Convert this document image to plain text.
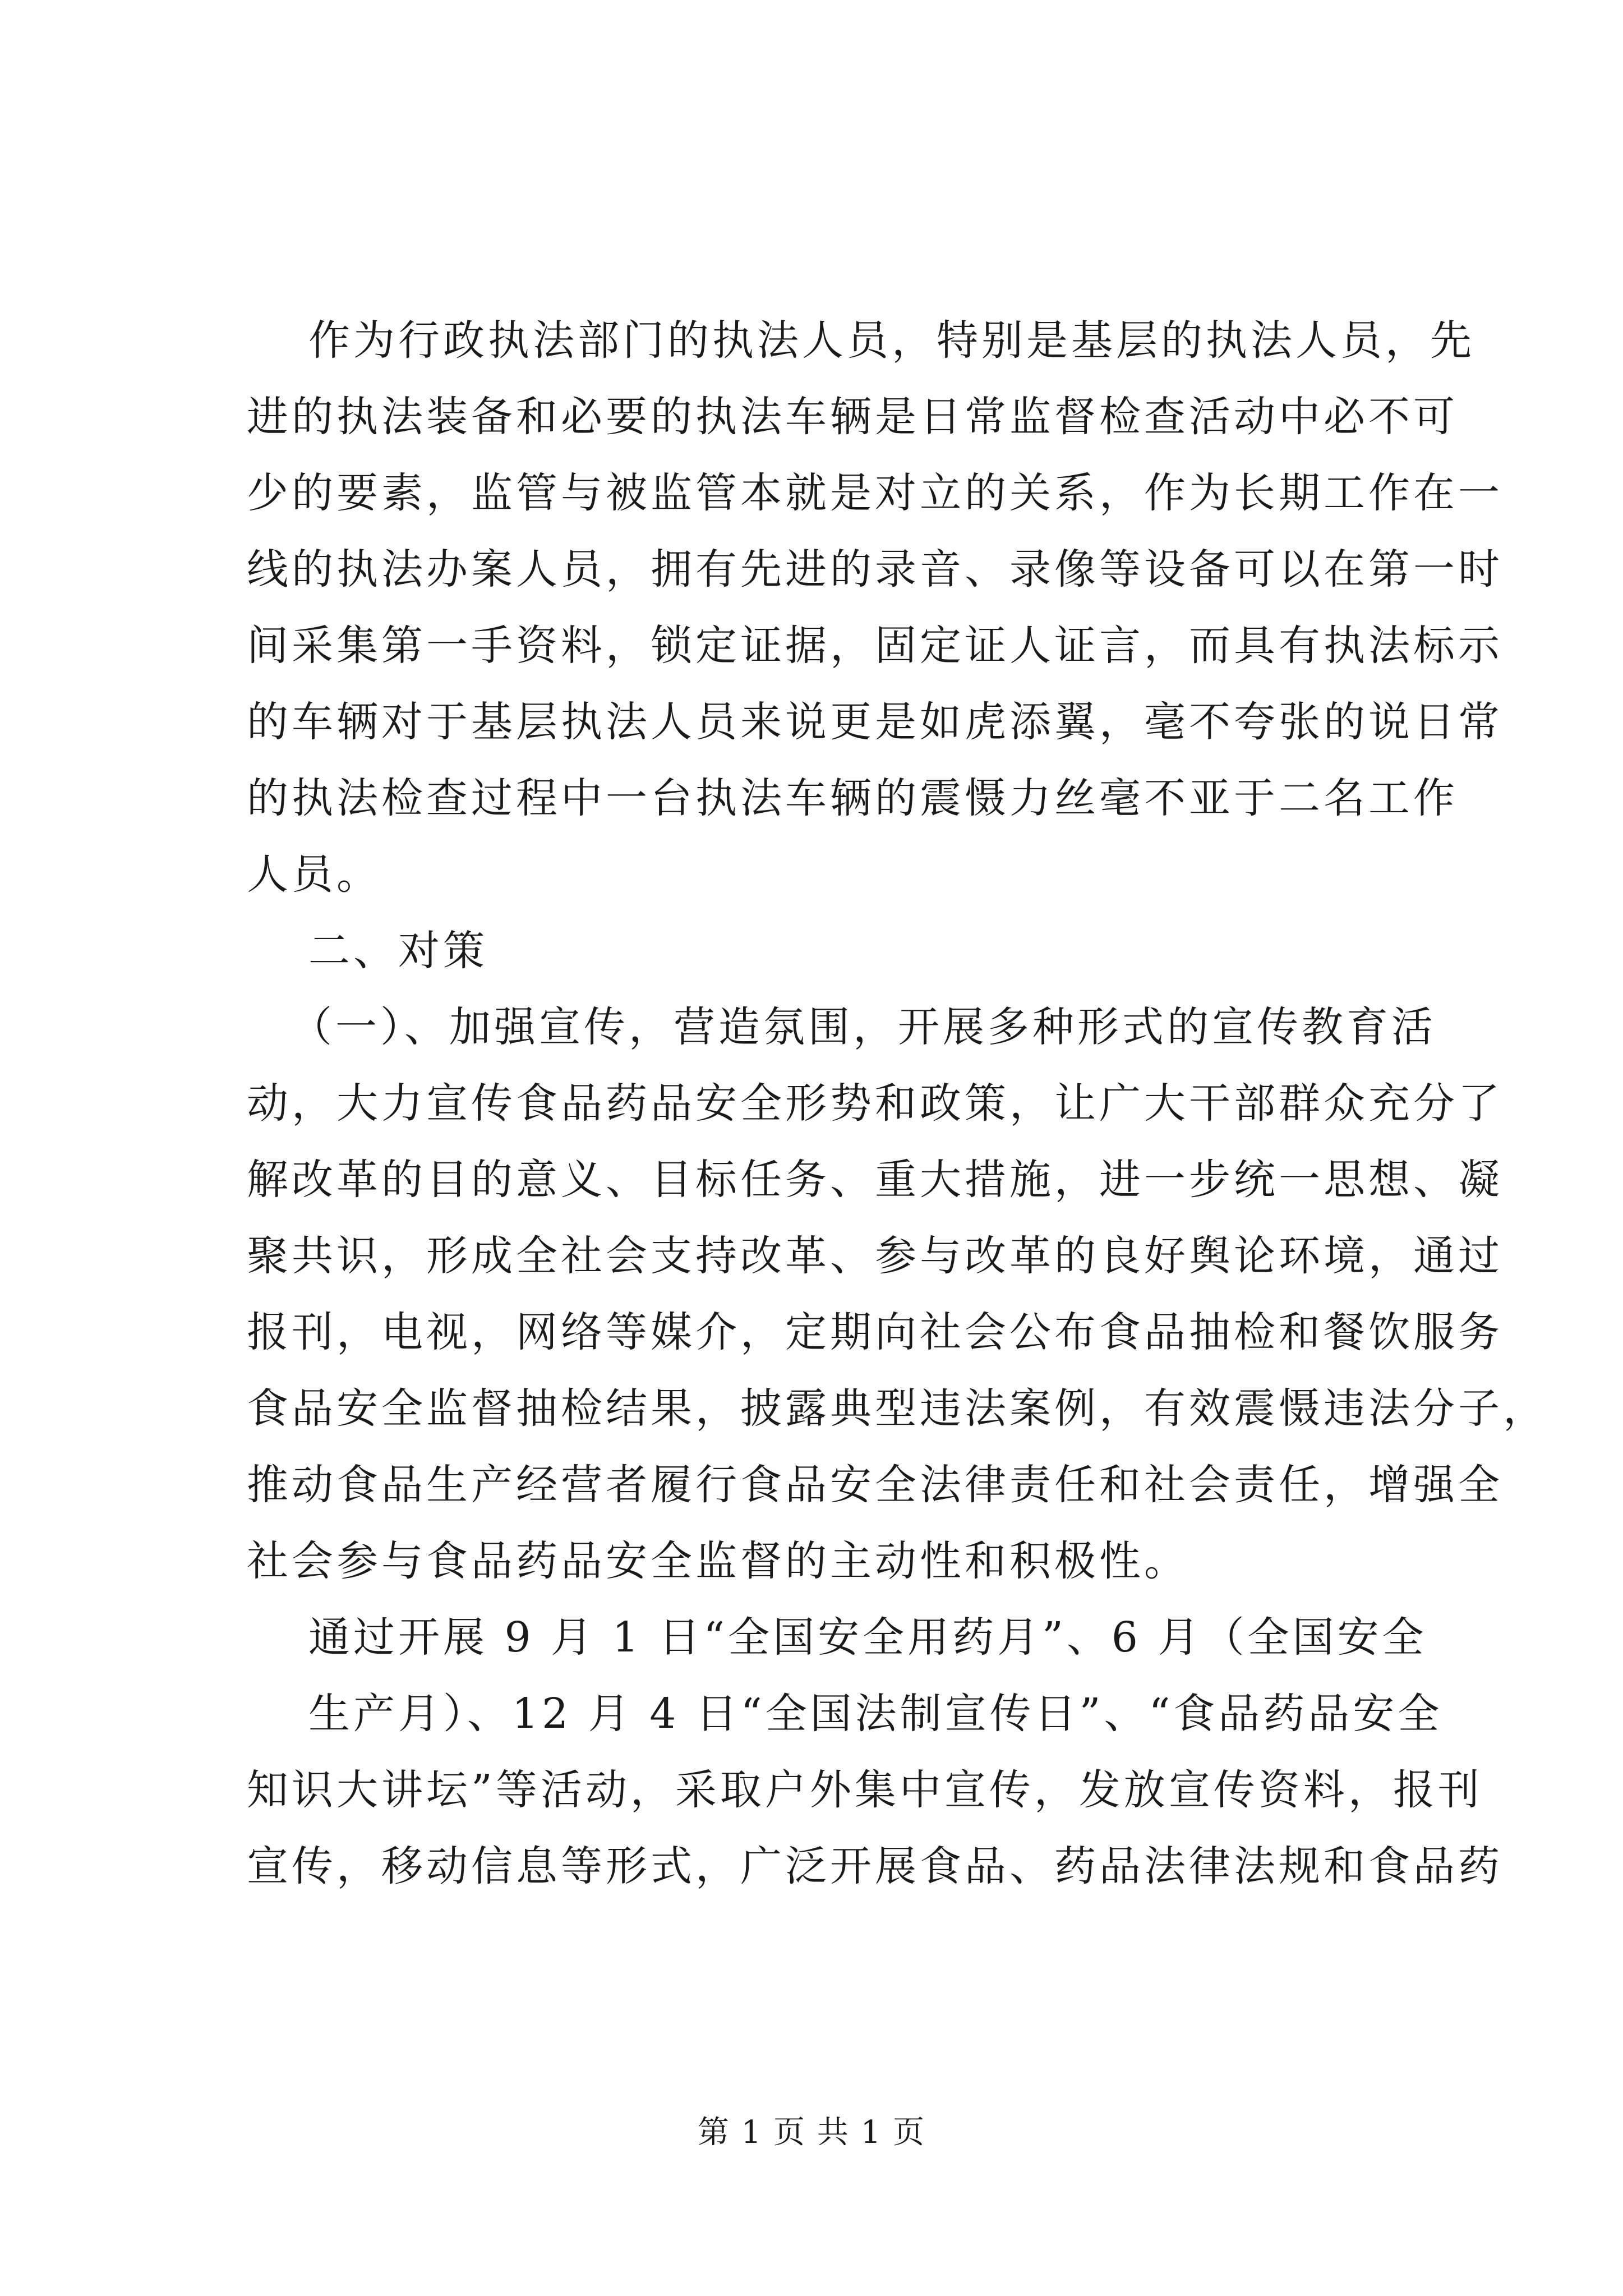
作为行政执法部门的执法人员，特别是基层的执法人员，先
进的执法装备和必要的执法车辆是日常监督检查活动中必不可
少的要素，监管与被监管本就是对立的关系，作为长期工作在一
线的执法办案人员，拥有先进的录音、录像等设备可以在第一时
间采集第一手资料，锁定证据，固定证人证言，而具有执法标示
的车辆对于基层执法人员来说更是如虎添翼，毫不夸张的说日常
的执法检查过程中一台执法车辆的震慑力丝毫不亚于二名工作
人员。
二、对策
（一）、加强宣传，营造氛围，开展多种形式的宣传教育活
动，大力宣传食品药品安全形势和政策，让广大干部群众充分了
解改革的目的意义、目标任务、重大措施，进一步统一思想、凝
聚共识，形成全社会支持改革、参与改革的良好舆论环境，通过
报刊，电视，网络等媒介，定期向社会公布食品抽检和餐饮服务
食品安全监督抽检结果，披露典型违法案例，有效震慑违法分子，
推动食品生产经营者履行食品安全法律责任和社会责任，增强全
社会参与食品药品安全监督的主动性和积极性。
通过开展 9 月 1 日“全国安全用药月”、6 月（全国安全
生产月）、12 月 4 日“全国法制宣传日”、“食品药品安全
知识大讲坛”等活动，采取户外集中宣传，发放宣传资料，报刊
宣传，移动信息等形式，广泛开展食品、药品法律法规和食品药
第 1 页 共 1 页
